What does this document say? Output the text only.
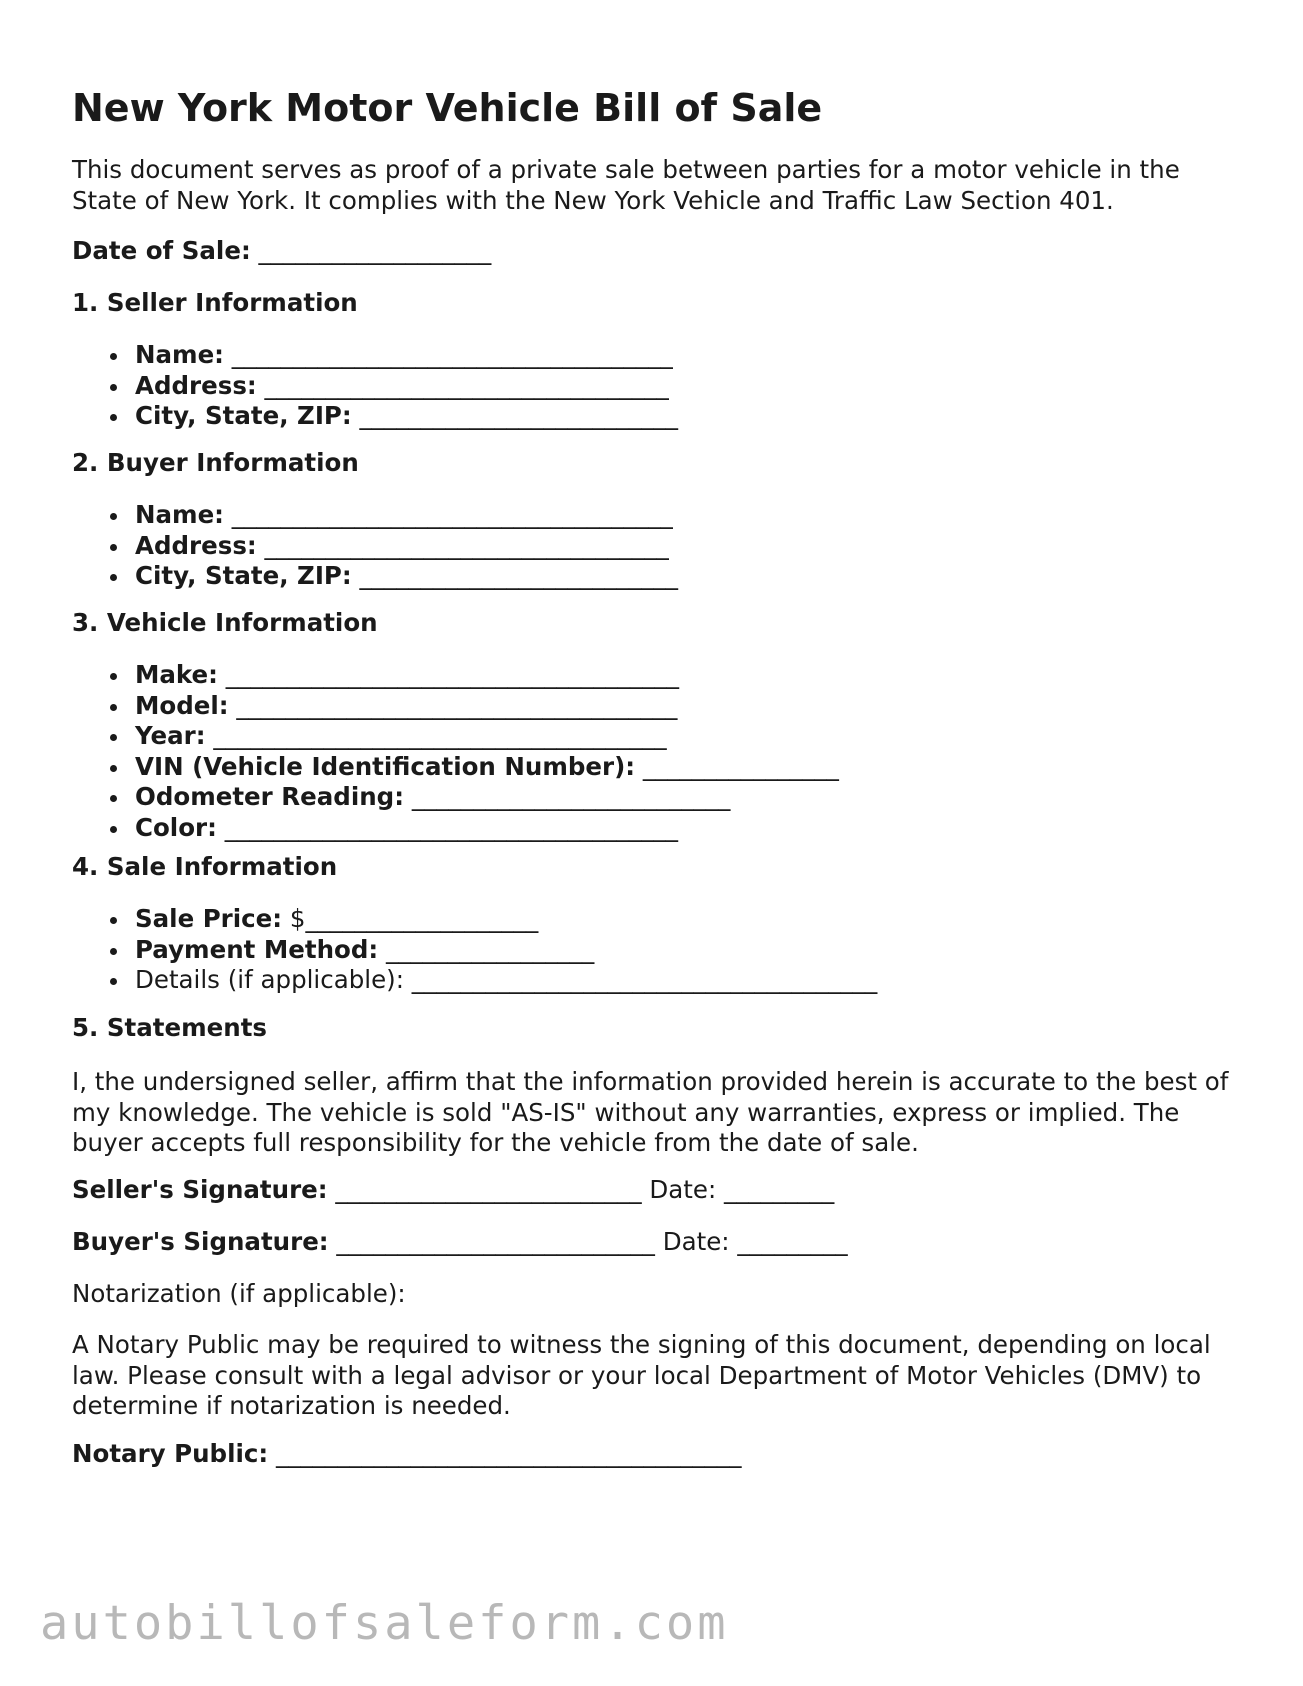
New York Motor Vehicle Bill of Sale

This document serves as proof of a private sale between parties for a motor vehicle in the State of New York. It complies with the New York Vehicle and Traffic Law Section 401.

Date of Sale: ___________________
1. Seller Information
Name: ____________________________________
Address: _________________________________
City, State, ZIP: __________________________
2. Buyer Information
Name: ____________________________________
Address: _________________________________
City, State, ZIP: __________________________
3. Vehicle Information
Make: _____________________________________
Model: ____________________________________
Year: _____________________________________
VIN (Vehicle Identification Number): ________________
Odometer Reading: __________________________
Color: _____________________________________
4. Sale Information
Sale Price: $___________________
Payment Method: _________________
Details (if applicable): ______________________________________
5. Statements

I, the undersigned seller, affirm that the information provided herein is accurate to the best of my knowledge. The vehicle is sold "AS-IS" without any warranties, express or implied. The buyer accepts full responsibility for the vehicle from the date of sale.

Seller's Signature: _________________________ Date: _________
Buyer's Signature: __________________________ Date: _________
Notarization (if applicable):

A Notary Public may be required to witness the signing of this document, depending on local law. Please consult with a legal advisor or your local Department of Motor Vehicles (DMV) to determine if notarization is needed.

Notary Public: ______________________________________
autobillofsaleform.com
